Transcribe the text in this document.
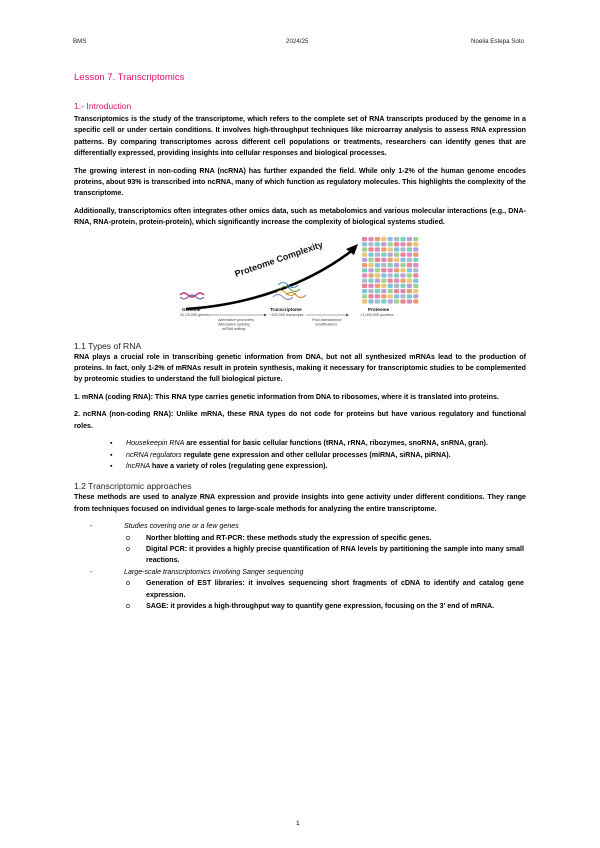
BMS	2024/25	Noelia Estepa Soto
Lesson 7. Transcriptomics
1.- Introduction

Transcriptomics is the study of the transcriptome, which refers to the complete set of RNA transcripts produced by the genome in a specific cell or under certain conditions. It involves high-throughput techniques like microarray analysis to assess RNA expression patterns. By comparing transcriptomes across different cell populations or treatments, researchers can identify genes that are differentially expressed, providing insights into cellular responses and biological processes.

The growing interest in non-coding RNA (ncRNA) has further expanded the field. While only 1-2% of the human genome encodes proteins, about 93% is transcribed into ncRNA, many of which function as regulatory molecules. This highlights the complexity of the transcriptome.

Additionally, transcriptomics often integrates other omics data, such as metabolomics and various molecular interactions (e.g., DNA-RNA, RNA-protein, protein-protein), which significantly increase the complexity of biological systems studied.

Proteome Complexity
Genome
20-25,000 genes
Transcriptome
~100,000 transcripts
Proteome
>1,000,000 proteins
Alternative promoters
Alternative splicing
mRNA editing
Post-translational
modifications
1.1 Types of RNA

RNA plays a crucial role in transcribing genetic information from DNA, but not all synthesized mRNAs lead to the production of proteins. In fact, only 1-2% of mRNAs result in protein synthesis, making it necessary for transcriptomic studies to be complemented by proteomic studies to understand the full biological picture.

1. mRNA (coding RNA): This RNA type carries genetic information from DNA to ribosomes, where it is translated into proteins.

2. ncRNA (non-coding RNA): Unlike mRNA, these RNA types do not code for proteins but have various regulatory and functional roles.

▪ Housekeepin RNA are essential for basic cellular functions (tRNA, rRNA, ribozymes, snoRNA, snRNA, gran).
▪ ncRNA regulators regulate gene expression and other cellular processes (miRNA, siRNA, piRNA).
▪ lncRNA have a variety of roles (regulating gene expression).
1.2 Transcriptomic approaches

These methods are used to analyze RNA expression and provide insights into gene activity under different conditions. They range from techniques focused on individual genes to large-scale methods for analyzing the entire transcriptome.

- Studies covering one or a few genes
o Norther blotting and RT-PCR: these methods study the expression of specific genes.
o Digital PCR: it provides a highly precise quantification of RNA levels by partitioning the sample into many small reactions.
- Large-scale transcriptomics involving Sanger sequencing
o Generation of EST libraries: it involves sequencing short fragments of cDNA to identify and catalog gene expression.
o SAGE: it provides a high-throughput way to quantify gene expression, focusing on the 3' end of mRNA.
1
